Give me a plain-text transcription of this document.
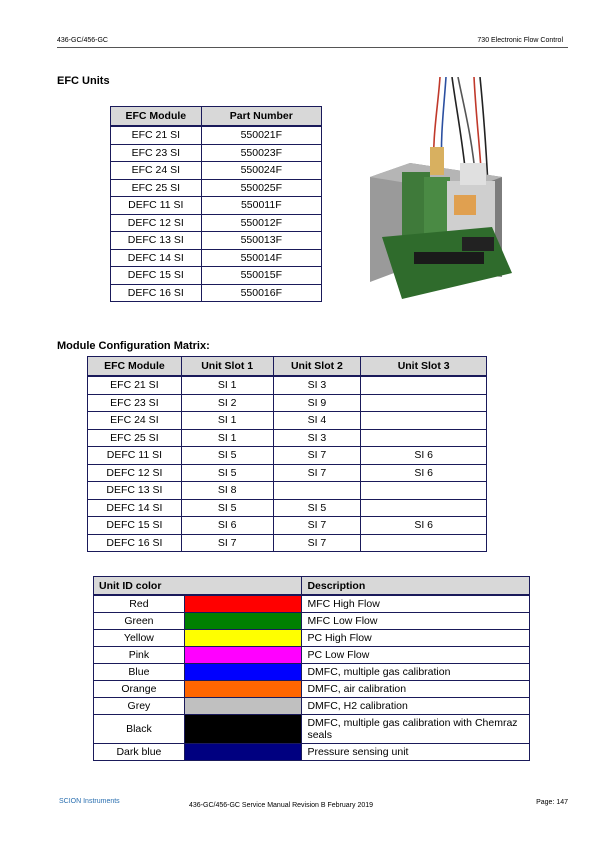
436-GC/456-GC	730 Electronic Flow Control
EFC Units
EFC Module	Part Number
EFC 21 SI	550021F
EFC 23 SI	550023F
EFC 24 SI	550024F
EFC 25 SI	550025F
DEFC 11 SI	550011F
DEFC 12 SI	550012F
DEFC 13 SI	550013F
DEFC 14 SI	550014F
DEFC 15 SI	550015F
DEFC 16 SI	550016F
Module Configuration Matrix:
EFC Module	Unit Slot 1	Unit Slot 2	Unit Slot 3
EFC 21 SI	SI 1	SI 3	
EFC 23 SI	SI 2	SI 9	
EFC 24 SI	SI 1	SI 4	
EFC 25 SI	SI 1	SI 3	
DEFC 11 SI	SI 5	SI 7	SI 6
DEFC 12 SI	SI 5	SI 7	SI 6
DEFC 13 SI	SI 8		
DEFC 14 SI	SI 5	SI 5	
DEFC 15 SI	SI 6	SI 7	SI 6
DEFC 16 SI	SI 7	SI 7	
Unit ID color		Description
Red		MFC High Flow
Green		MFC Low Flow
Yellow		PC High Flow
Pink		PC Low Flow
Blue		DMFC, multiple gas calibration
Orange		DMFC, air calibration
Grey		DMFC, H2 calibration
Black		DMFC, multiple gas calibration with Chemraz seals
Dark blue		Pressure sensing unit
SCION Instruments
436-GC/456-GC Service Manual Revision B February 2019	Page: 147
